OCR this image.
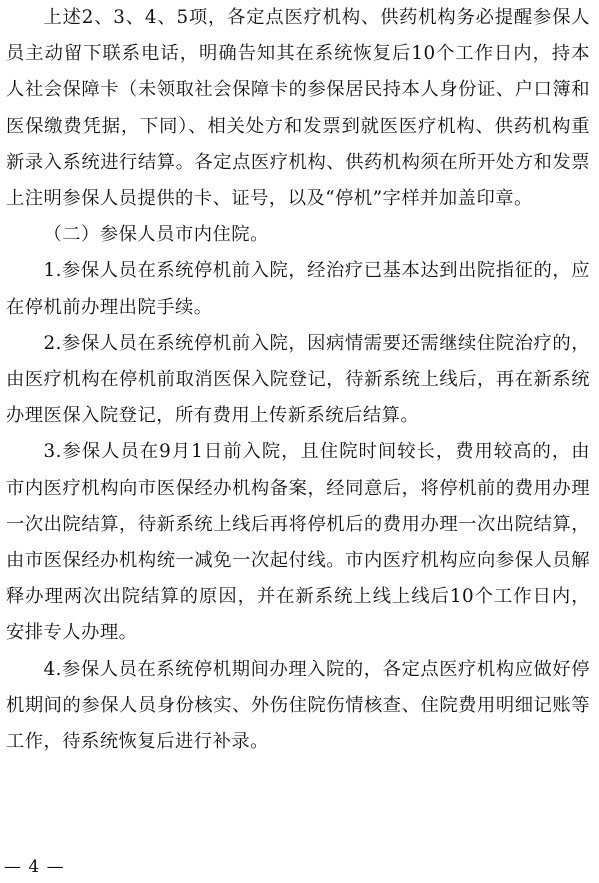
上述2、3、4、5项，各定点医疗机构、供药机构务必提醒参保人员主动留下联系电话，明确告知其在系统恢复后10个工作日内，持本人社会保障卡（未领取社会保障卡的参保居民持本人身份证、户口簿和医保缴费凭据，下同）、相关处方和发票到就医医疗机构、供药机构重新录入系统进行结算。各定点医疗机构、供药机构须在所开处方和发票上注明参保人员提供的卡、证号，以及“停机”字样并加盖印章。

（二）参保人员市内住院。

1.参保人员在系统停机前入院，经治疗已基本达到出院指征的，应在停机前办理出院手续。

2.参保人员在系统停机前入院，因病情需要还需继续住院治疗的，由医疗机构在停机前取消医保入院登记，待新系统上线后，再在新系统办理医保入院登记，所有费用上传新系统后结算。

3.参保人员在9月1日前入院，且住院时间较长，费用较高的，由市内医疗机构向市医保经办机构备案，经同意后，将停机前的费用办理一次出院结算，待新系统上线后再将停机后的费用办理一次出院结算，由市医保经办机构统一减免一次起付线。市内医疗机构应向参保人员解释办理两次出院结算的原因，并在新系统上线上线后10个工作日内，安排专人办理。

4.参保人员在系统停机期间办理入院的，各定点医疗机构应做好停机期间的参保人员身份核实、外伤住院伤情核查、住院费用明细记账等工作，待系统恢复后进行补录。

— 4 —
